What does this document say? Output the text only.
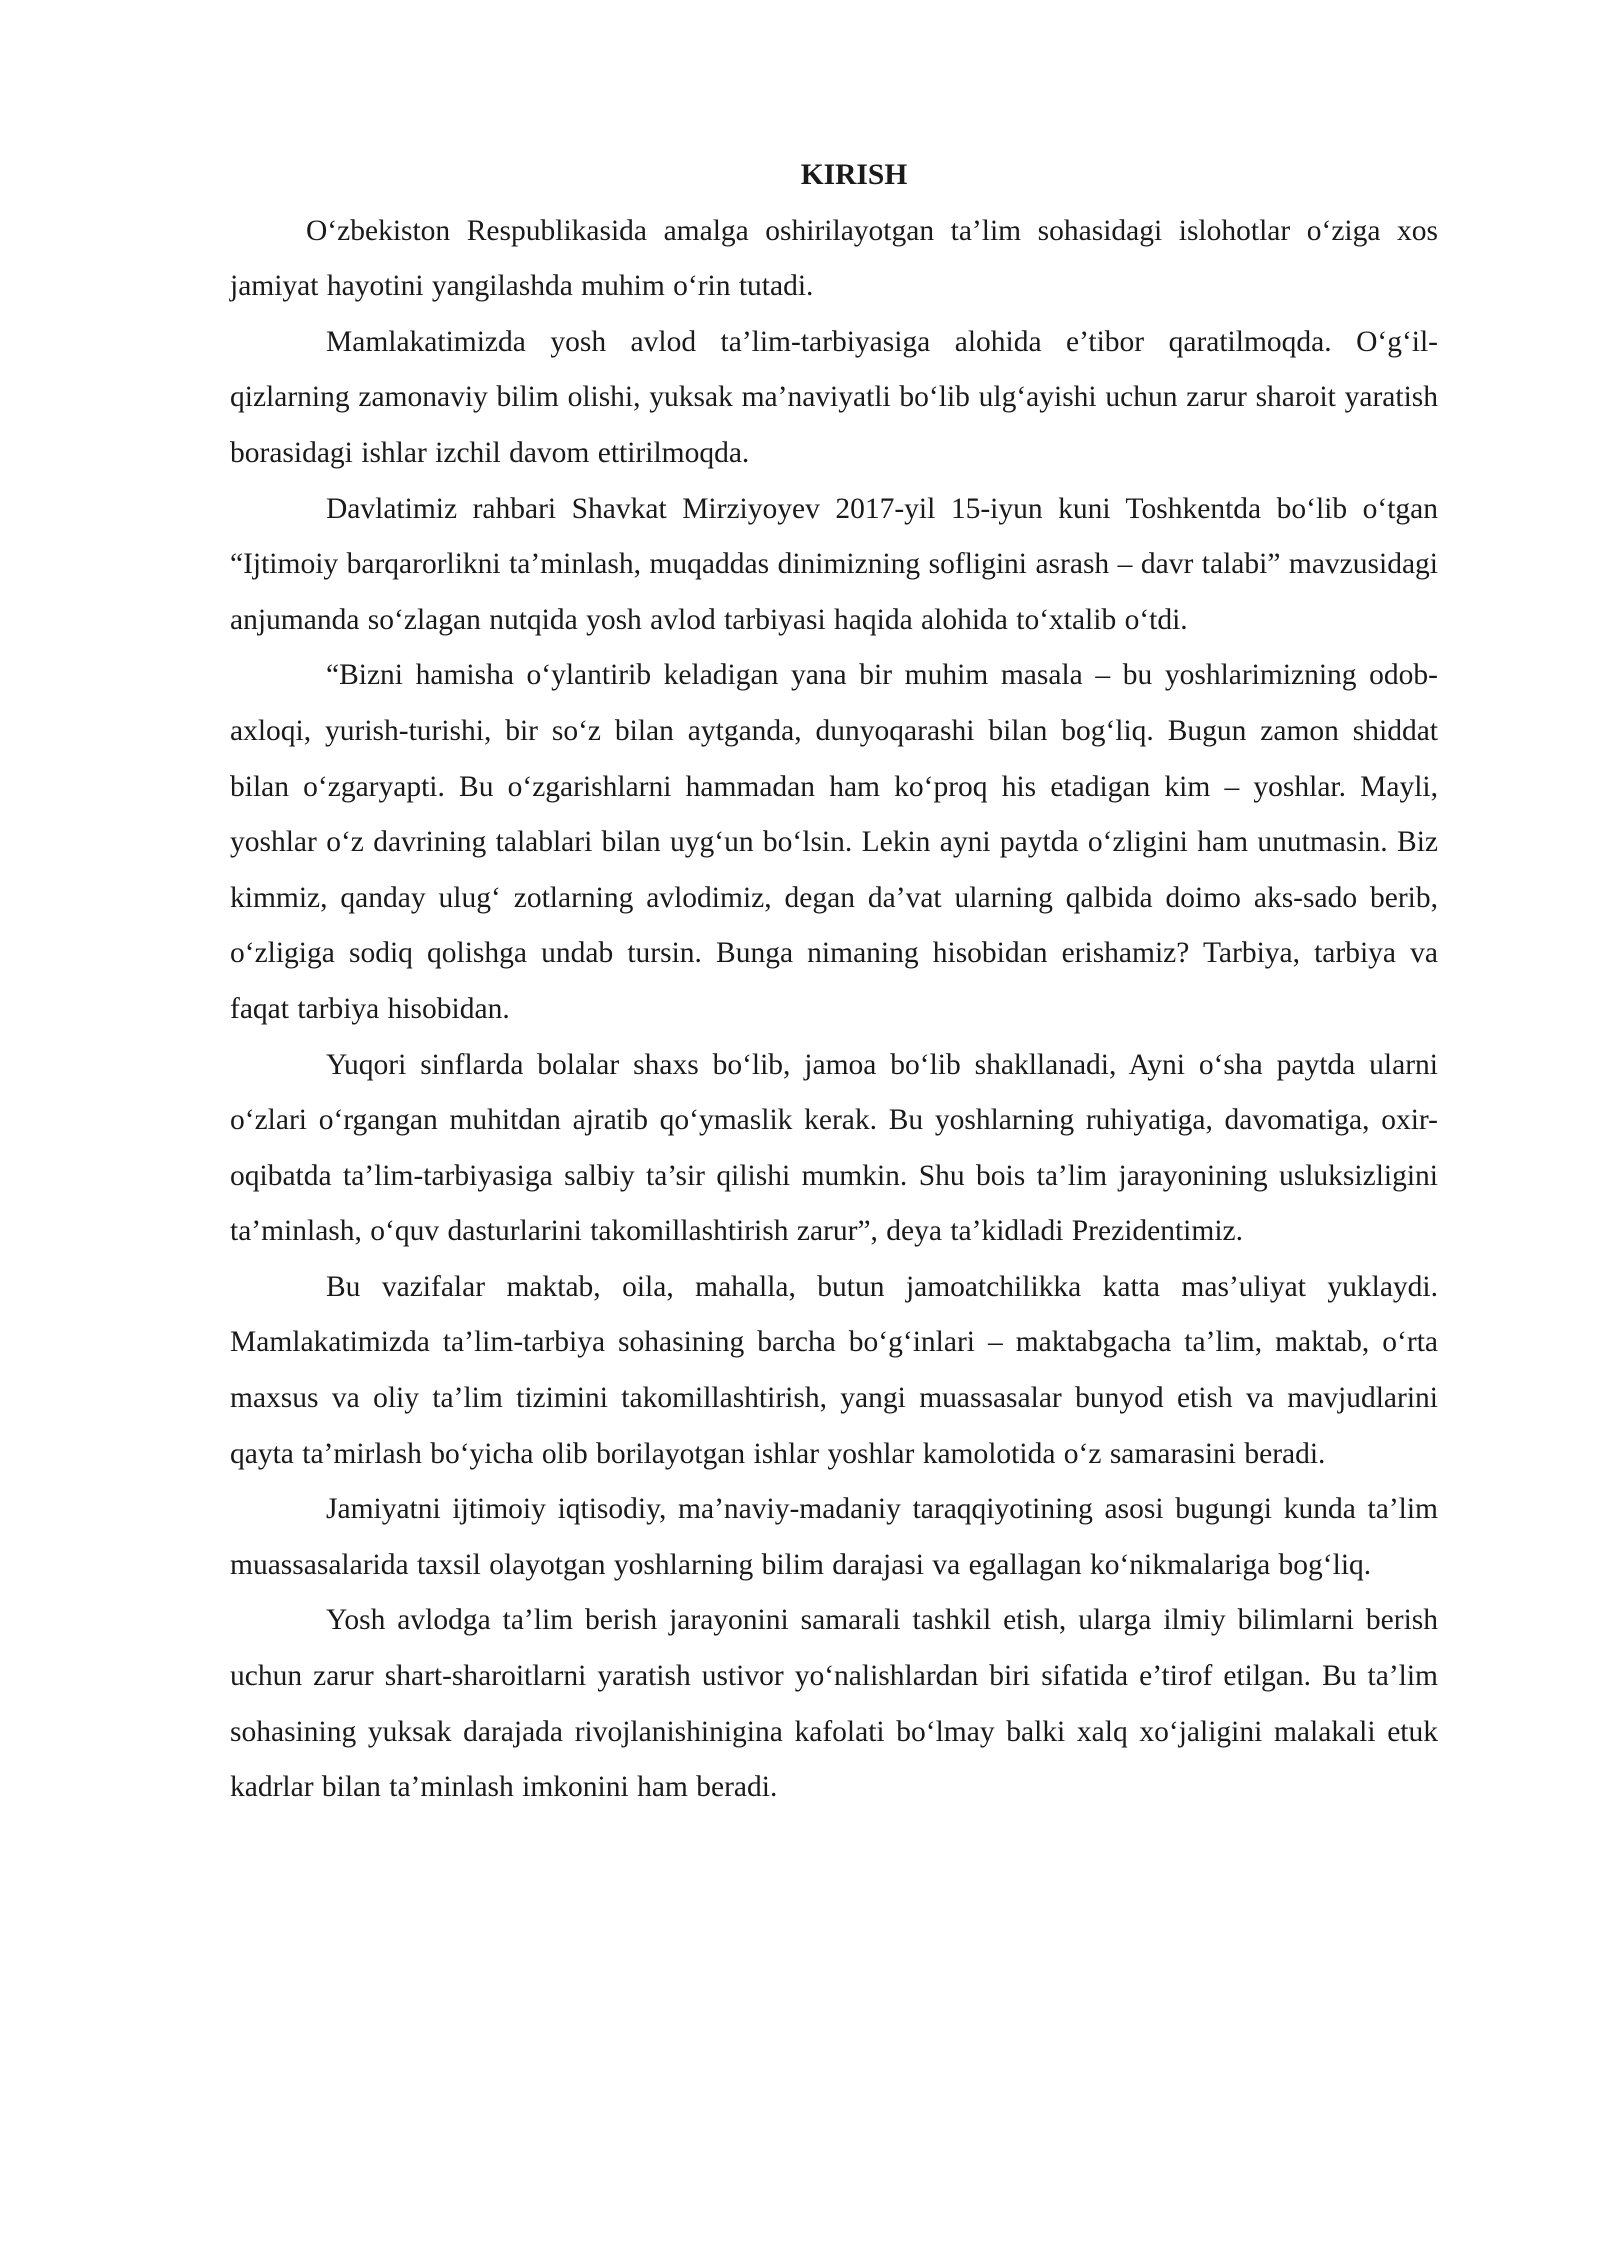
KIRISH

O‘zbekiston Respublikasida amalga oshirilayotgan ta’lim sohasidagi islohotlar o‘ziga xos jamiyat hayotini yangilashda muhim o‘rin tutadi.

Mamlakatimizda yosh avlod ta’lim-tarbiyasiga alohida e’tibor qaratilmoqda. O‘g‘il-qizlarning zamonaviy bilim olishi, yuksak ma’naviyatli bo‘lib ulg‘ayishi uchun zarur sharoit yaratish borasidagi ishlar izchil davom ettirilmoqda.

Davlatimiz rahbari Shavkat Mirziyoyev 2017-yil 15-iyun kuni Toshkentda bo‘lib o‘tgan “Ijtimoiy barqarorlikni ta’minlash, muqaddas dinimizning sofligini asrash – davr talabi” mavzusidagi anjumanda so‘zlagan nutqida yosh avlod tarbiyasi haqida alohida to‘xtalib o‘tdi.

“Bizni hamisha o‘ylantirib keladigan yana bir muhim masala – bu yoshlarimizning odob-axloqi, yurish-turishi, bir so‘z bilan aytganda, dunyoqarashi bilan bog‘liq. Bugun zamon shiddat bilan o‘zgaryapti. Bu o‘zgarishlarni hammadan ham ko‘proq his etadigan kim – yoshlar. Mayli, yoshlar o‘z davrining talablari bilan uyg‘un bo‘lsin. Lekin ayni paytda o‘zligini ham unutmasin. Biz kimmiz, qanday ulug‘ zotlarning avlodimiz, degan da’vat ularning qalbida doimo aks-sado berib, o‘zligiga sodiq qolishga undab tursin. Bunga nimaning hisobidan erishamiz? Tarbiya, tarbiya va faqat tarbiya hisobidan.

Yuqori sinflarda bolalar shaxs bo‘lib, jamoa bo‘lib shakllanadi, Ayni o‘sha paytda ularni o‘zlari o‘rgangan muhitdan ajratib qo‘ymaslik kerak. Bu yoshlarning ruhiyatiga, davomatiga, oxir-oqibatda ta’lim-tarbiyasiga salbiy ta’sir qilishi mumkin. Shu bois ta’lim jarayonining usluksizligini ta’minlash, o‘quv dasturlarini takomillashtirish zarur”, deya ta’kidladi Prezidentimiz.

Bu vazifalar maktab, oila, mahalla, butun jamoatchilikka katta mas’uliyat yuklaydi. Mamlakatimizda ta’lim-tarbiya sohasining barcha bo‘g‘inlari – maktabgacha ta’lim, maktab, o‘rta maxsus va oliy ta’lim tizimini takomillashtirish, yangi muassasalar bunyod etish va mavjudlarini qayta ta’mirlash bo‘yicha olib borilayotgan ishlar yoshlar kamolotida o‘z samarasini beradi.

Jamiyatni ijtimoiy iqtisodiy, ma’naviy-madaniy taraqqiyotining asosi bugungi kunda ta’lim muassasalarida taxsil olayotgan yoshlarning bilim darajasi va egallagan ko‘nikmalariga bog‘liq.

Yosh avlodga ta’lim berish jarayonini samarali tashkil etish, ularga ilmiy bilimlarni berish uchun zarur shart-sharoitlarni yaratish ustivor yo‘nalishlardan biri sifatida e’tirof etilgan. Bu ta’lim sohasining yuksak darajada rivojlanishinigina kafolati bo‘lmay balki xalq xo‘jaligini malakali etuk kadrlar bilan ta’minlash imkonini ham beradi.
